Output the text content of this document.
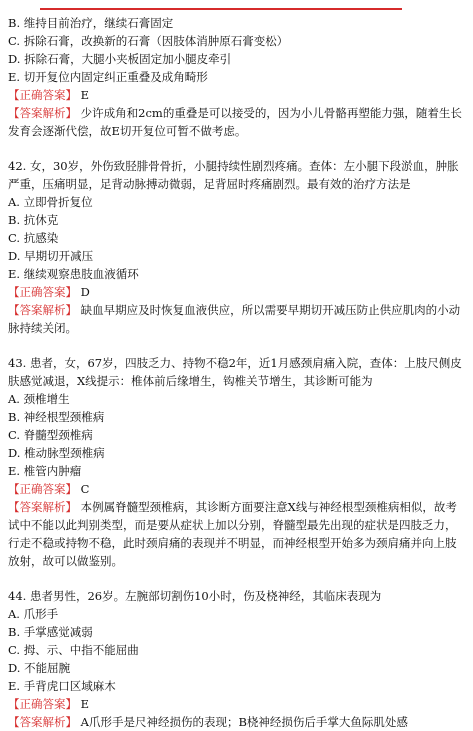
B. 维持目前治疗，继续石膏固定
C. 拆除石膏，改换新的石膏（因肢体消肿原石膏变松）
D. 拆除石膏，大腿小夹板固定加小腿皮牵引
E. 切开复位内固定纠正重叠及成角畸形
【正确答案】 E
【答案解析】 少许成角和2cm的重叠是可以接受的，因为小儿骨骼再塑能力强，随着生长发育会逐渐代偿，故E切开复位可暂不做考虑。
42. 女，30岁，外伤致胫腓骨骨折，小腿持续性剧烈疼痛。查体：左小腿下段淤血，肿胀严重，压痛明显，足背动脉搏动微弱，足背屈时疼痛剧烈。最有效的治疗方法是
A. 立即骨折复位
B. 抗休克
C. 抗感染
D. 早期切开减压
E. 继续观察患肢血液循环
【正确答案】 D
【答案解析】 缺血早期应及时恢复血液供应，所以需要早期切开减压防止供应肌肉的小动脉持续关闭。
43. 患者，女，67岁，四肢乏力、持物不稳2年，近1月感颈肩痛入院，查体：上肢尺侧皮肤感觉减退，X线提示：椎体前后缘增生，钩椎关节增生，其诊断可能为
A. 颈椎增生
B. 神经根型颈椎病
C. 脊髓型颈椎病
D. 椎动脉型颈椎病
E. 椎管内肿瘤
【正确答案】 C
【答案解析】 本例属脊髓型颈椎病，其诊断方面要注意X线与神经根型颈椎病相似，故考试中不能以此判别类型，而是要从症状上加以分别，脊髓型最先出现的症状是四肢乏力，行走不稳或持物不稳，此时颈肩痛的表现并不明显，而神经根型开始多为颈肩痛并向上肢放射，故可以做鉴别。
44. 患者男性，26岁。左腕部切割伤10小时，伤及桡神经，其临床表现为
A. 爪形手
B. 手掌感觉减弱
C. 拇、示、中指不能屈曲
D. 不能屈腕
E. 手背虎口区域麻木
【正确答案】 E
【答案解析】 A爪形手是尺神经损伤的表现；B桡神经损伤后手掌大鱼际肌处感
